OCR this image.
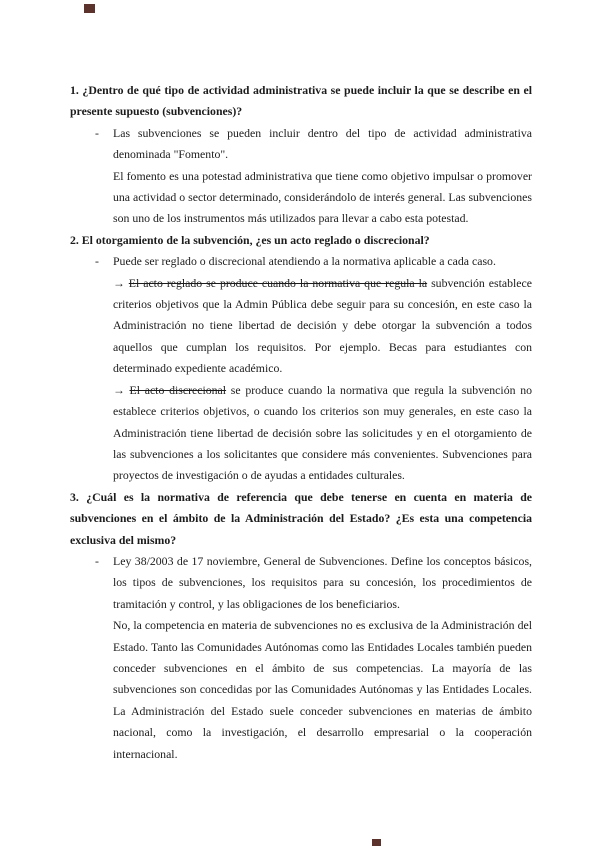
1. ¿Dentro de qué tipo de actividad administrativa se puede incluir la que se describe en el presente supuesto (subvenciones)?
-	Las subvenciones se pueden incluir dentro del tipo de actividad administrativa denominada "Fomento".

El fomento es una potestad administrativa que tiene como objetivo impulsar o promover una actividad o sector determinado, considerándolo de interés general. Las subvenciones son uno de los instrumentos más utilizados para llevar a cabo esta potestad.

2. El otorgamiento de la subvención, ¿es un acto reglado o discrecional?
-	Puede ser reglado o discrecional atendiendo a la normativa aplicable a cada caso.

→ El acto reglado se produce cuando la normativa que regula la subvención establece criterios objetivos que la Admin Pública debe seguir para su concesión, en este caso la Administración no tiene libertad de decisión y debe otorgar la subvención a todos aquellos que cumplan los requisitos. Por ejemplo. Becas para estudiantes con determinado expediente académico.

→ El acto discrecional se produce cuando la normativa que regula la subvención no establece criterios objetivos, o cuando los criterios son muy generales, en este caso la Administración tiene libertad de decisión sobre las solicitudes y en el otorgamiento de las subvenciones a los solicitantes que considere más convenientes. Subvenciones para proyectos de investigación o de ayudas a entidades culturales.

3. ¿Cuál es la normativa de referencia que debe tenerse en cuenta en materia de subvenciones en el ámbito de la Administración del Estado? ¿Es esta una competencia exclusiva del mismo?
-	Ley 38/2003 de 17 noviembre, General de Subvenciones. Define los conceptos básicos, los tipos de subvenciones, los requisitos para su concesión, los procedimientos de tramitación y control, y las obligaciones de los beneficiarios.

No, la competencia en materia de subvenciones no es exclusiva de la Administración del Estado. Tanto las Comunidades Autónomas como las Entidades Locales también pueden conceder subvenciones en el ámbito de sus competencias. La mayoría de las subvenciones son concedidas por las Comunidades Autónomas y las Entidades Locales. La Administración del Estado suele conceder subvenciones en materias de ámbito nacional, como la investigación, el desarrollo empresarial o la cooperación internacional.
